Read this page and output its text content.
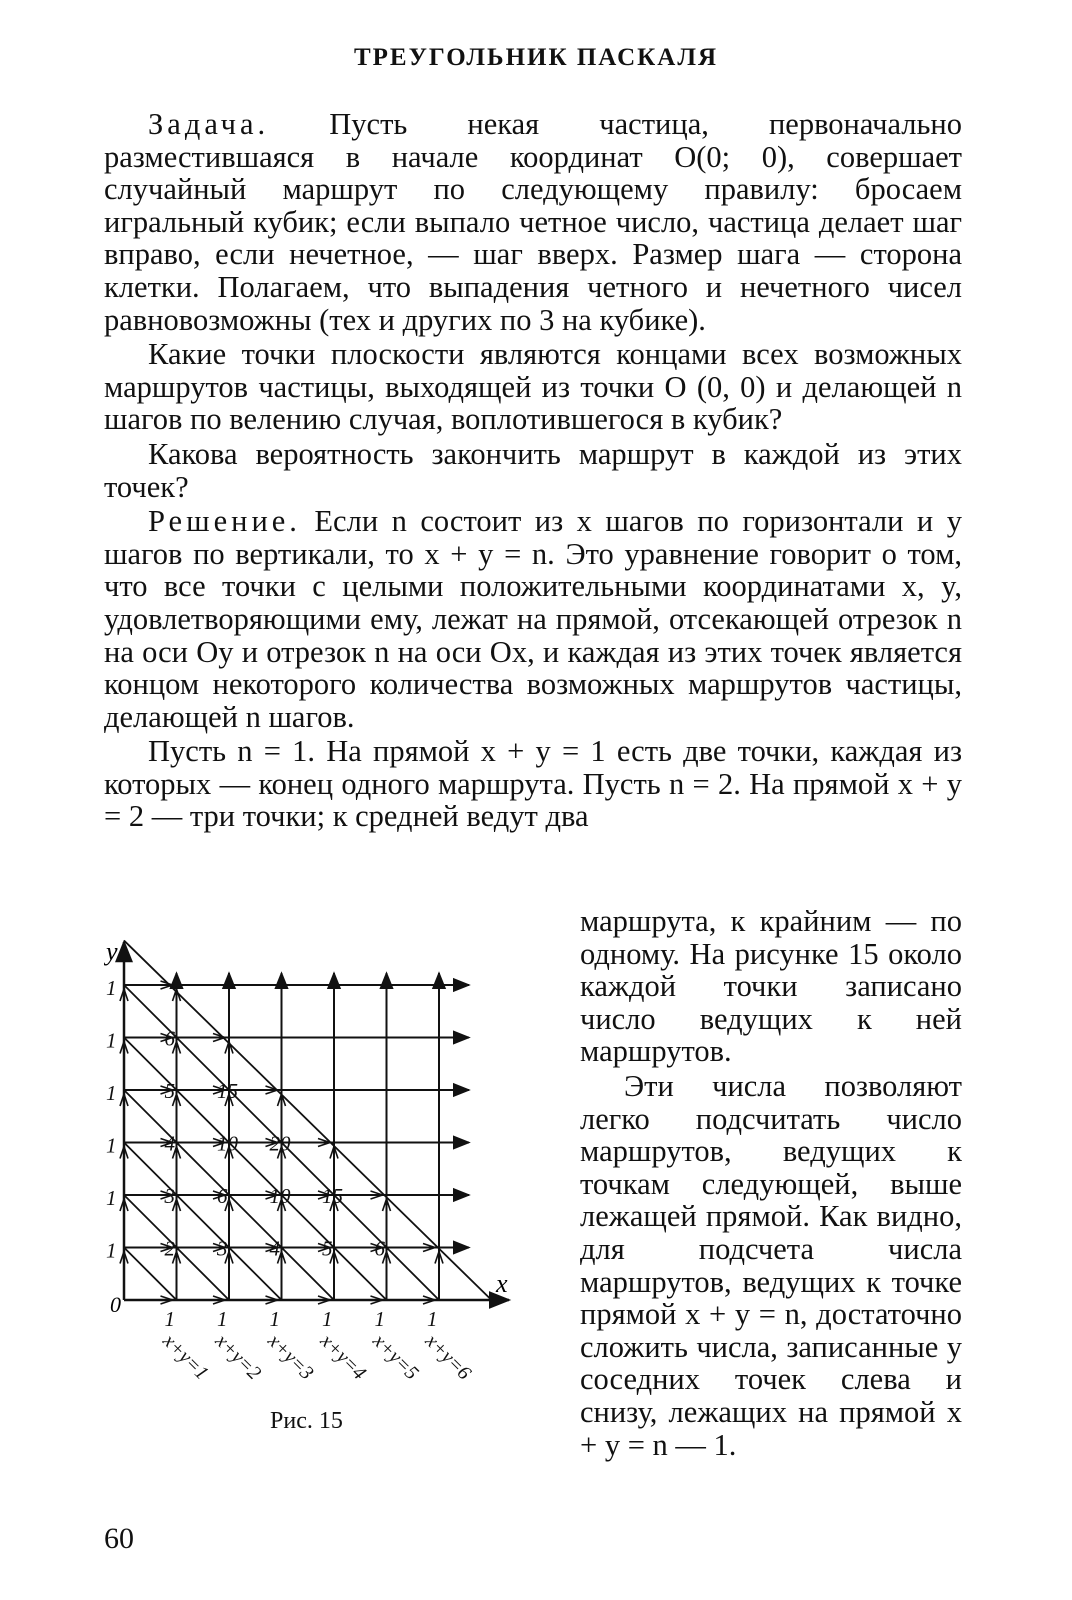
ТРЕУГОЛЬНИК ПАСКАЛЯ

Задача. Пусть некая частица, первоначально разместившаяся в начале координат O(0; 0), совершает случайный маршрут по следующему правилу: бросаем игральный кубик; если выпало четное число, частица делает шаг вправо, если нечетное, — шаг вверх. Размер шага — сторона клетки. Полагаем, что выпадения четного и нечетного чисел равновозможны (тех и других по 3 на кубике).

Какие точки плоскости являются концами всех возможных маршрутов частицы, выходящей из точки O (0, 0) и делающей n шагов по велению случая, воплотившегося в кубик?

Какова вероятность закончить маршрут в каждой из этих точек?

Решение. Если n состоит из x шагов по горизонтали и y шагов по вертикали, то x + y = n. Это уравнение говорит о том, что все точки с целыми положительными координатами x, y, удовлетворяющими ему, лежат на прямой, отсекающей отрезок n на оси Oy и отрезок n на оси Ox, и каждая из этих точек является концом некоторого количества возможных маршрутов частицы, делающей n шагов.

Пусть n = 1. На прямой x + y = 1 есть две точки, каждая из которых — конец одного маршрута. Пусть n = 2. На прямой x + y = 2 — три точки; к средней ведут два

y
x
0
1
1
1
1
1
1
1 1 1 1 1 1
2 3 4 5 6
3 6 10 15
4 10 20
5 15
6
x+y=1
x+y=2
x+y=3
x+y=4
x+y=5
x+y=6
Рис. 15

маршрута, к крайним — по одному. На рисунке 15 около каждой точки записано число ведущих к ней маршрутов.

Эти числа позволяют легко подсчитать число маршрутов, ведущих к точкам следующей, выше лежащей прямой. Как видно, для подсчета числа маршрутов, ведущих к точке прямой x + y = n, достаточно сложить числа, записанные у соседних точек слева и снизу, лежащих на прямой x + y = n — 1.

60
